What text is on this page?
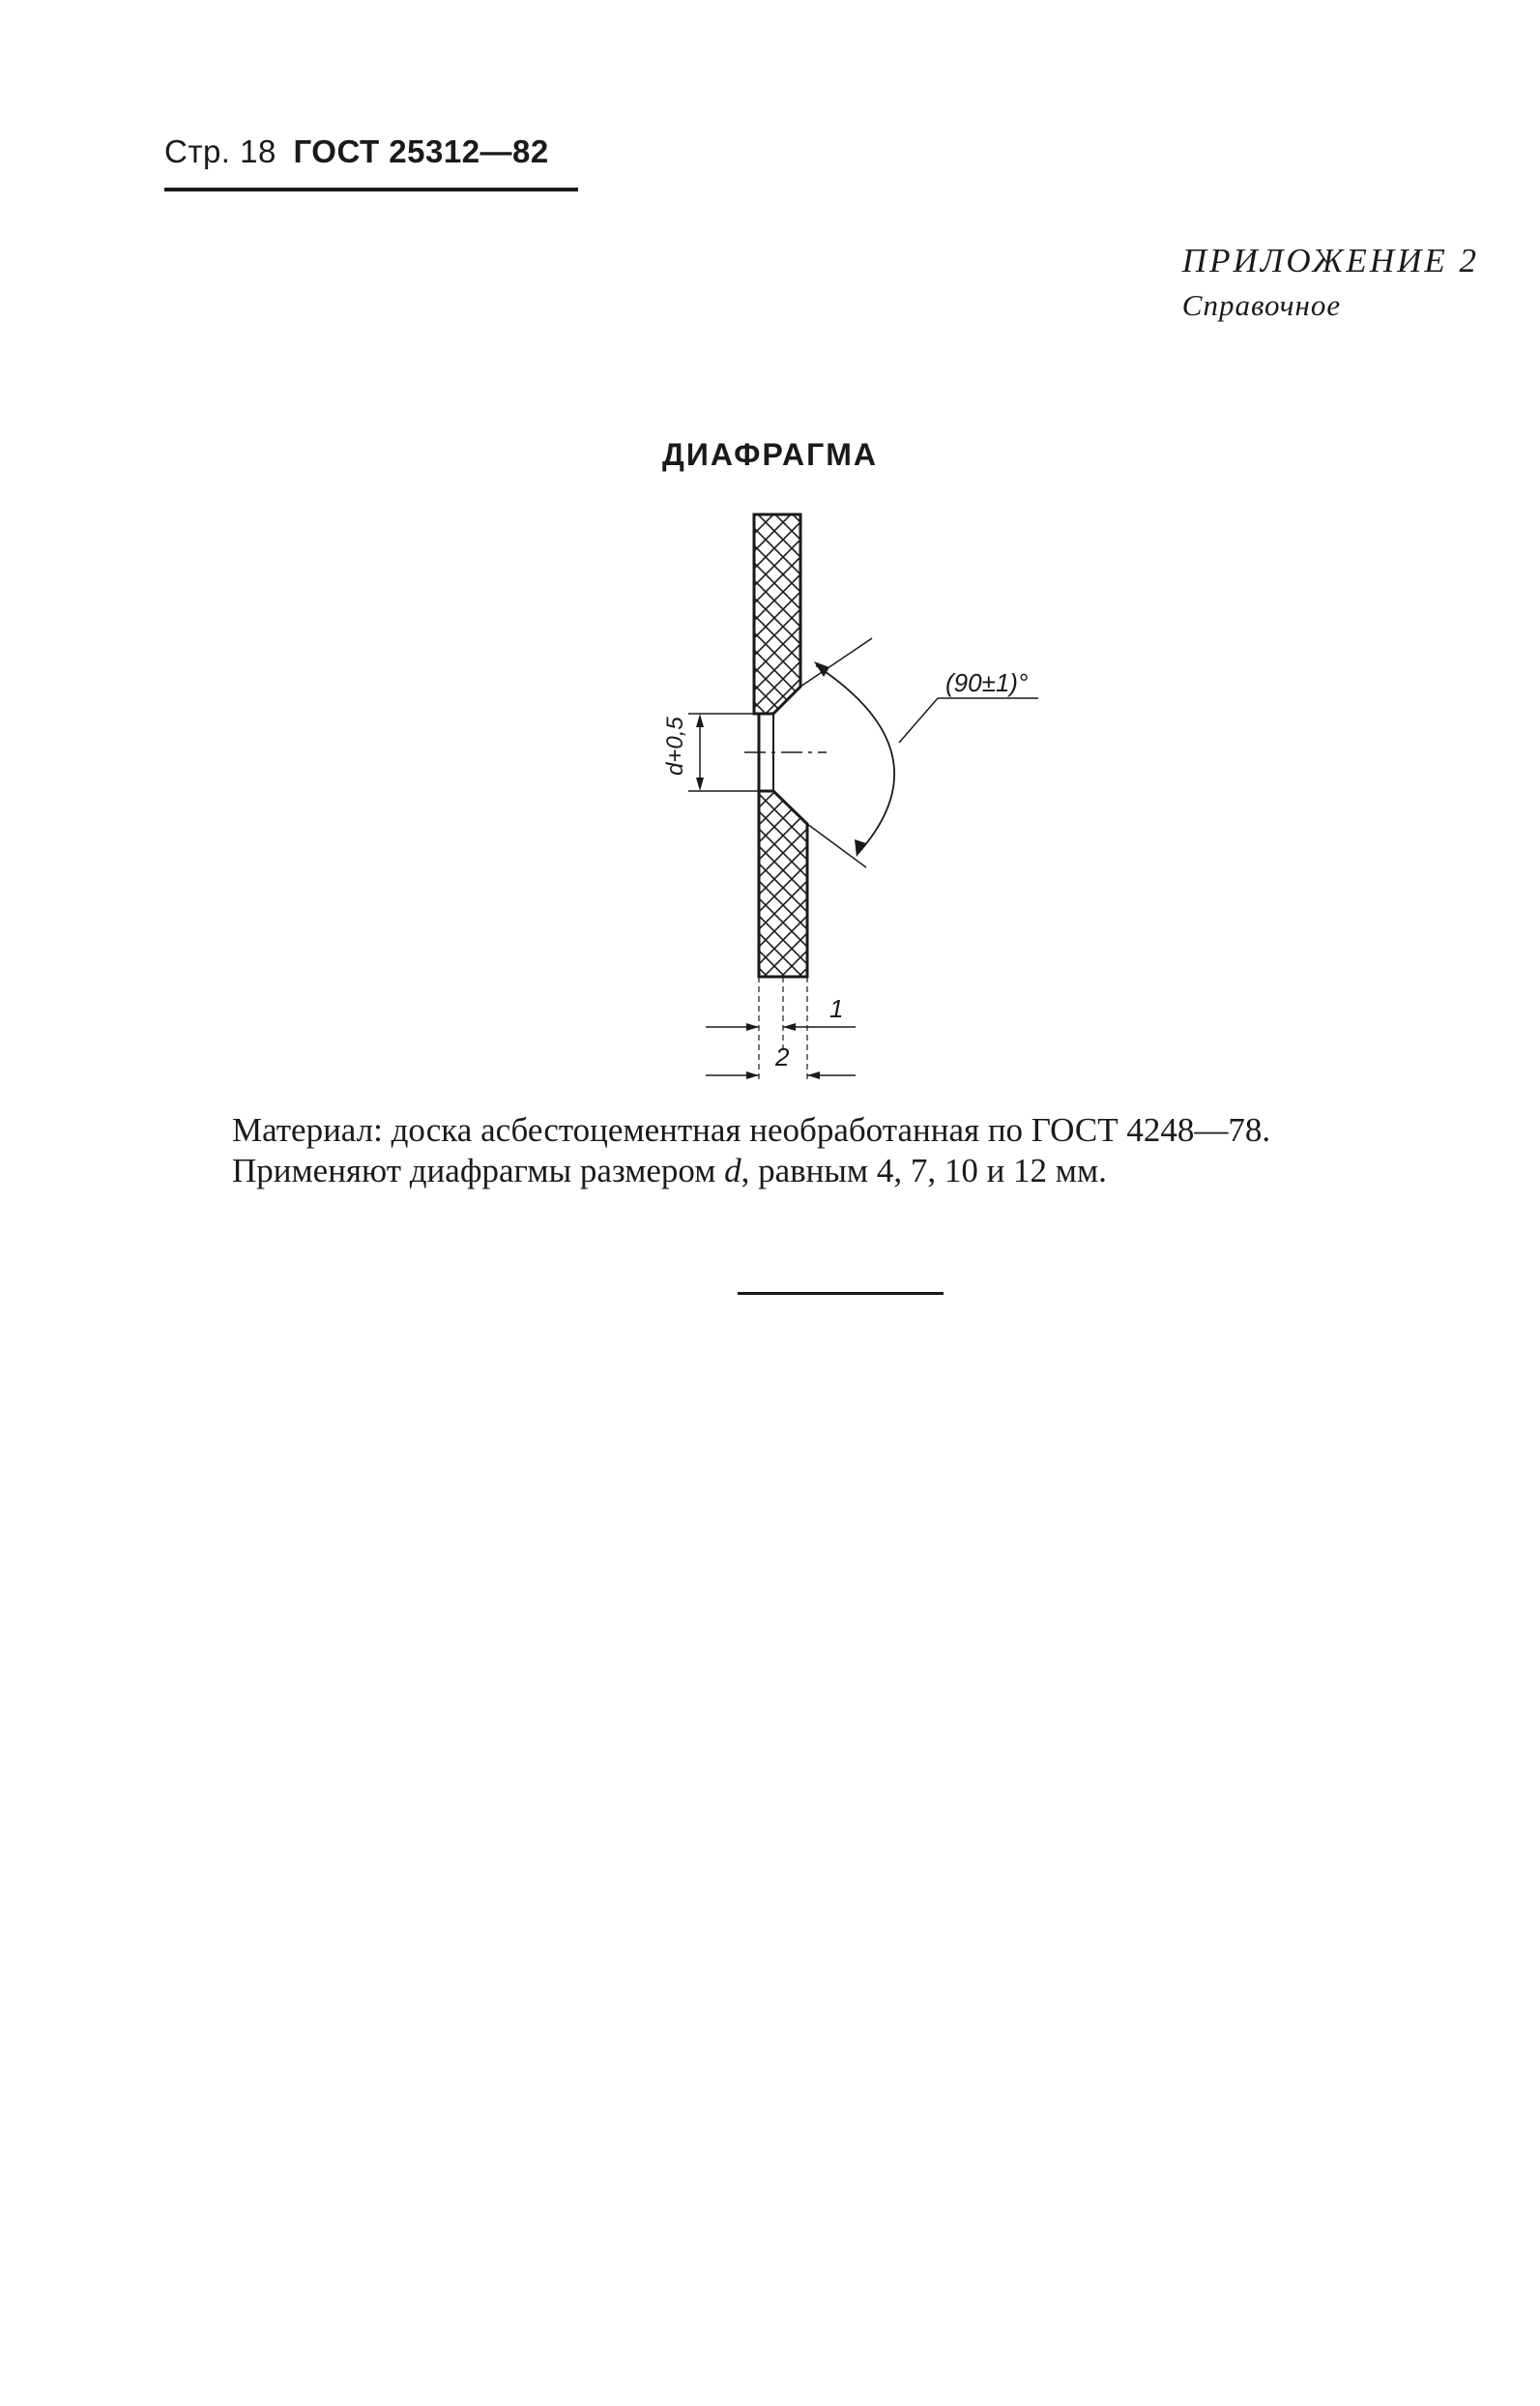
Стр. 18 ГОСТ 25312—82
ПРИЛОЖЕНИЕ 2
Справочное
ДИАФРАГМА
d+0,5
(90±1)°
1
2

Материал: доска асбестоцементная необработанная по ГОСТ 4248—78.

Применяют диафрагмы размером d, равным 4, 7, 10 и 12 мм.
